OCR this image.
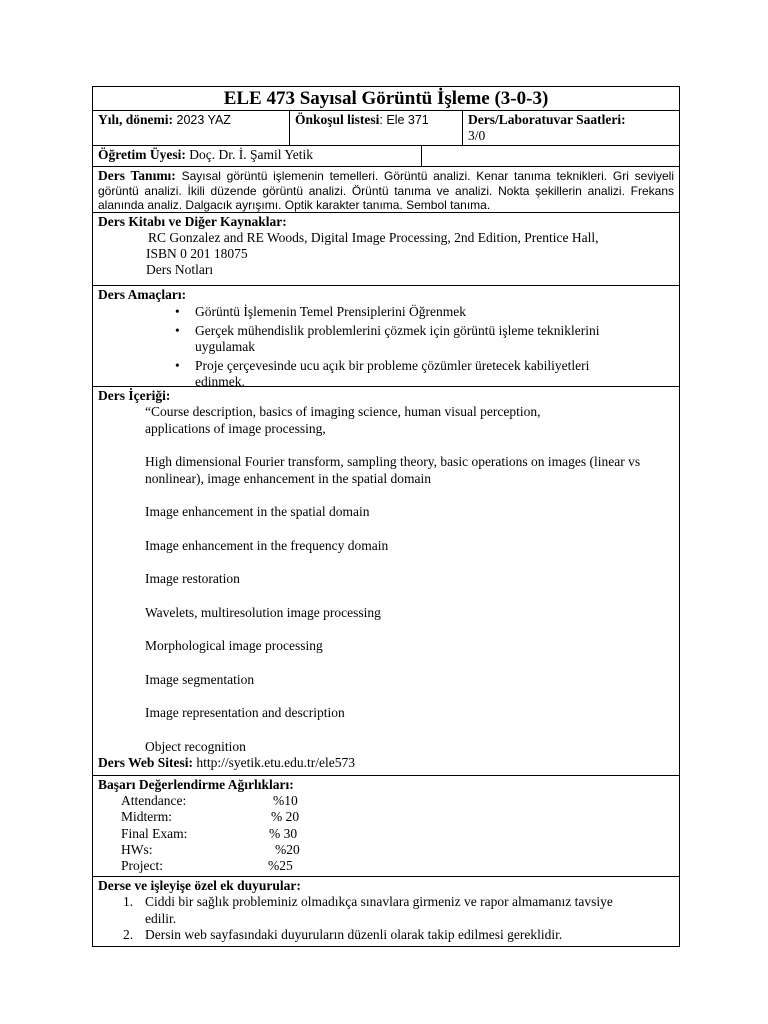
ELE 473 Sayısal Görüntü İşleme (3-0-3)
Yılı, dönemi: 2023 YAZ	Önkoşul listesi: Ele 371	Ders/Laboratuvar Saatleri:
3/0
Öğretim Üyesi: Doç. Dr. İ. Şamil Yetik
Ders Tanımı: Sayısal görüntü işlemenin temelleri. Görüntü analizi. Kenar tanıma teknikleri. Gri seviyeli görüntü analizi. İkili düzende görüntü analizi. Örüntü tanıma ve analizi. Nokta şekillerin analizi. Frekans alanında analiz. Dalgacık ayrışımı. Optik karakter tanıma. Sembol tanıma.
Ders Kitabı ve Diğer Kaynaklar:
RC Gonzalez and RE Woods, Digital Image Processing, 2nd Edition, Prentice Hall,
ISBN 0 201 18075
Ders Notları
Ders Amaçları:
• Görüntü İşlemenin Temel Prensiplerini Öğrenmek
• Gerçek mühendislik problemlerini çözmek için görüntü işleme tekniklerini uygulamak
• Proje çerçevesinde ucu açık bir probleme çözümler üretecek kabiliyetleri edinmek.
Ders İçeriği:

“Course description, basics of imaging science, human visual perception, applications of image processing,

High dimensional Fourier transform, sampling theory, basic operations on images (linear vs nonlinear), image enhancement in the spatial domain

Image enhancement in the spatial domain

Image enhancement in the frequency domain

Image restoration

Wavelets, multiresolution image processing

Morphological image processing

Image segmentation

Image representation and description

Object recognition

Ders Web Sitesi: http://syetik.etu.edu.tr/ele573
Başarı Değerlendirme Ağırlıkları:
Attendance:	%10
Midterm:	% 20
Final Exam:	% 30
HWs:	%20
Project:	%25
Derse ve işleyişe özel ek duyurular:
1. Ciddi bir sağlık probleminiz olmadıkça sınavlara girmeniz ve rapor almamanız tavsiye edilir.
2. Dersin web sayfasındaki duyuruların düzenli olarak takip edilmesi gereklidir.
